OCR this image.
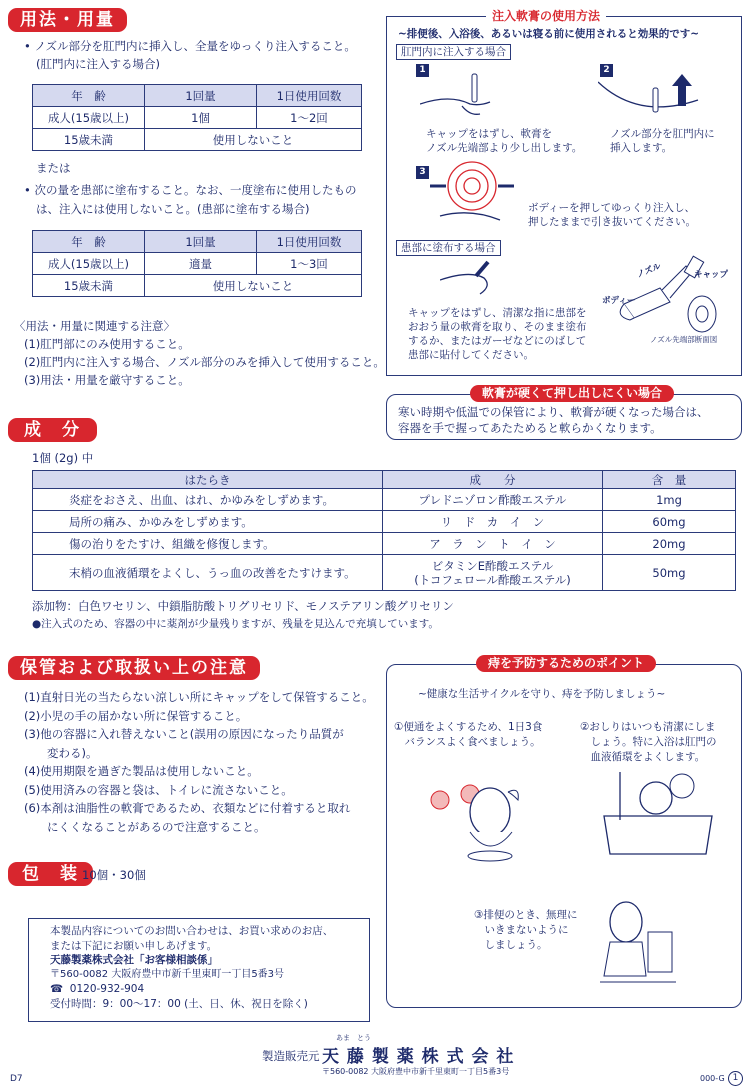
用法・用量
• ノズル部分を肛門内に挿入し、全量をゆっくり注入すること。
(肛門内に注入する場合)
年　齢	1回量	1日使用回数
成人(15歳以上)	1個	1～2回
15歳未満	使用しないこと	
または
• 次の量を患部に塗布すること。なお、一度塗布に使用したもの
は、注入には使用しないこと。(患部に塗布する場合)
年　齢	1回量	1日使用回数
成人(15歳以上)	適量	1～3回
15歳未満	使用しないこと	
〈用法・用量に関連する注意〉
(1)肛門部にのみ使用すること。
(2)肛門内に注入する場合、ノズル部分のみを挿入して使用すること。
(3)用法・用量を厳守すること。
注入軟膏の使用方法
~排便後、入浴後、あるいは寝る前に使用されると効果的です~
肛門内に注入する場合
1
キャップをはずし、軟膏を
ノズル先端部より少し出します。
2
ノズル部分を肛門内に
挿入します。
3
ボディーを押してゆっくり注入し、
押したままで引き抜いてください。
患部に塗布する場合
キャップをはずし、清潔な指に患部を
おおう量の軟膏を取り、そのまま塗布
するか、またはガーゼなどにのばして
患部に貼付してください。
ノズル	キャップ
ボディー
ノズル先端部断面図
軟膏が硬くて押し出しにくい場合
寒い時期や低温での保管により、軟膏が硬くなった場合は、
容器を手で握ってあたためると軟らかくなります。
成　分
1個 (2g) 中
はたらき	成　　分	含　量
炎症をおさえ、出血、はれ、かゆみをしずめます。	プレドニゾロン酢酸エステル	1mg
局所の痛み、かゆみをしずめます。	リ　ド　カ　イ　ン	60mg
傷の治りをたすけ、組織を修復します。	ア　ラ　ン　ト　イ　ン	20mg
末梢の血液循環をよくし、うっ血の改善をたすけます。	ビタミンE酢酸エステル
(トコフェロール酢酸エステル)	50mg
添加物：白色ワセリン、中鎖脂肪酸トリグリセリド、モノステアリン酸グリセリン
●注入式のため、容器の中に薬剤が少量残りますが、残量を見込んで充填しています。
保管および取扱い上の注意
(1)直射日光の当たらない涼しい所にキャップをして保管すること。
(2)小児の手の届かない所に保管すること。
(3)他の容器に入れ替えないこと(誤用の原因になったり品質が
　　変わる)。
(4)使用期限を過ぎた製品は使用しないこと。
(5)使用済みの容器と袋は、トイレに流さないこと。
(6)本剤は油脂性の軟膏であるため、衣類などに付着すると取れ
　　にくくなることがあるので注意すること。
包　装 10個・30個
本製品内容についてのお問い合わせは、お買い求めのお店、
または下記にお願い申しあげます。
天藤製薬株式会社「お客様相談係」
〒560-0082 大阪府豊中市新千里東町一丁目5番3号
☎ 0120-932-904
受付時間：9：00～17：00 (土、日、休、祝日を除く)
痔を予防するためのポイント
~健康な生活サイクルを守り、痔を予防しましょう~
①便通をよくするため、1日3食
　バランスよく食べましょう。
②おしりはいつも清潔にしま
　しょう。特に入浴は肛門の
　血液循環をよくします。
③排便のとき、無理に
　いきまないように
　しましょう。
製造販売元
あま　とう
天 藤 製 薬 株 式 会 社
〒560-0082 大阪府豊中市新千里東町一丁目5番3号
D7	000-G 1
